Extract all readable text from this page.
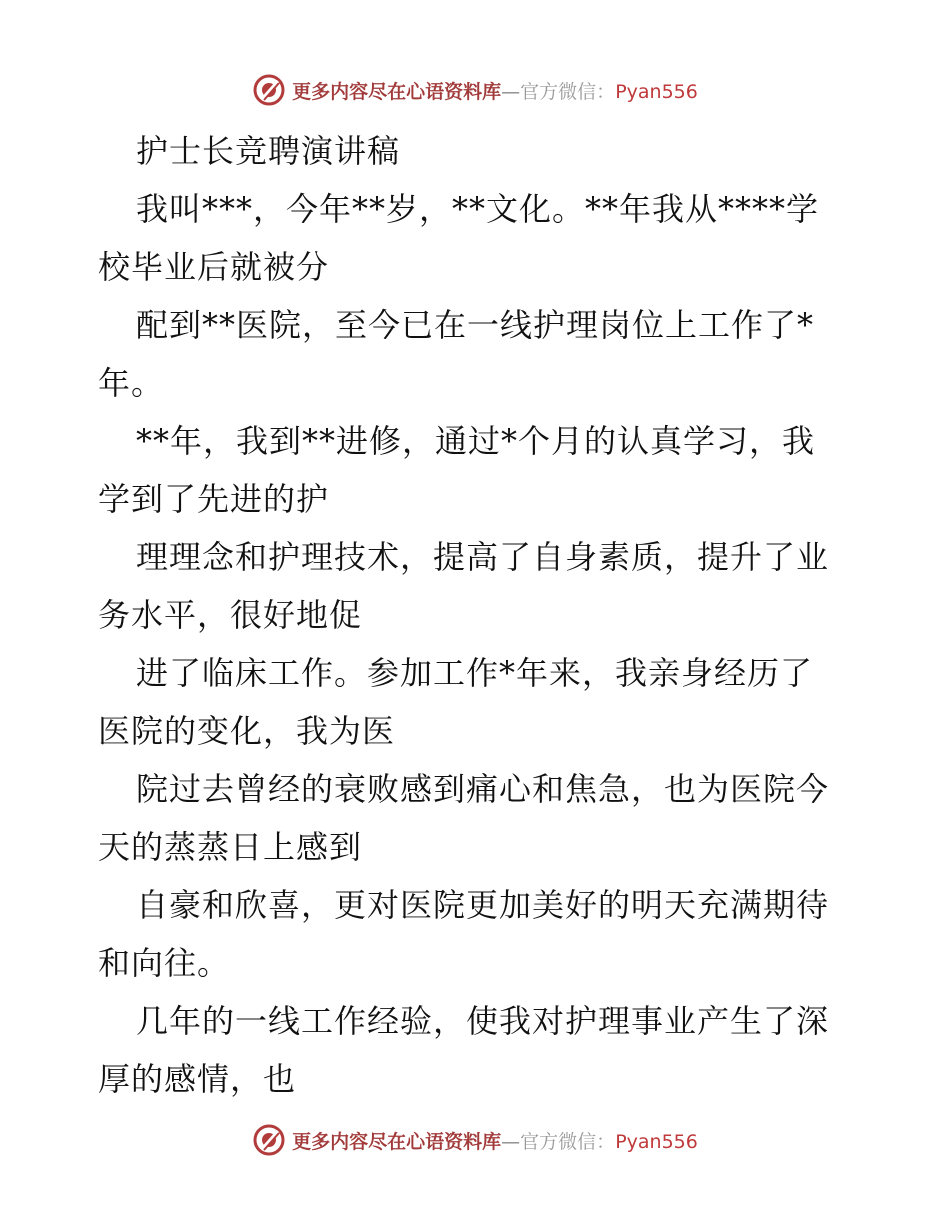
更多内容尽在心语资料库—官方微信：Pyan556
护士长竞聘演讲稿
我叫***，今年**岁，**文化。**年我从****学
校毕业后就被分
配到**医院，至今已在一线护理岗位上工作了*
年。
**年，我到**进修，通过*个月的认真学习，我
学到了先进的护
理理念和护理技术，提高了自身素质，提升了业
务水平，很好地促
进了临床工作。参加工作*年来，我亲身经历了
医院的变化，我为医
院过去曾经的衰败感到痛心和焦急，也为医院今
天的蒸蒸日上感到
自豪和欣喜，更对医院更加美好的明天充满期待
和向往。
几年的一线工作经验，使我对护理事业产生了深
厚的感情，也
更多内容尽在心语资料库—官方微信：Pyan556
